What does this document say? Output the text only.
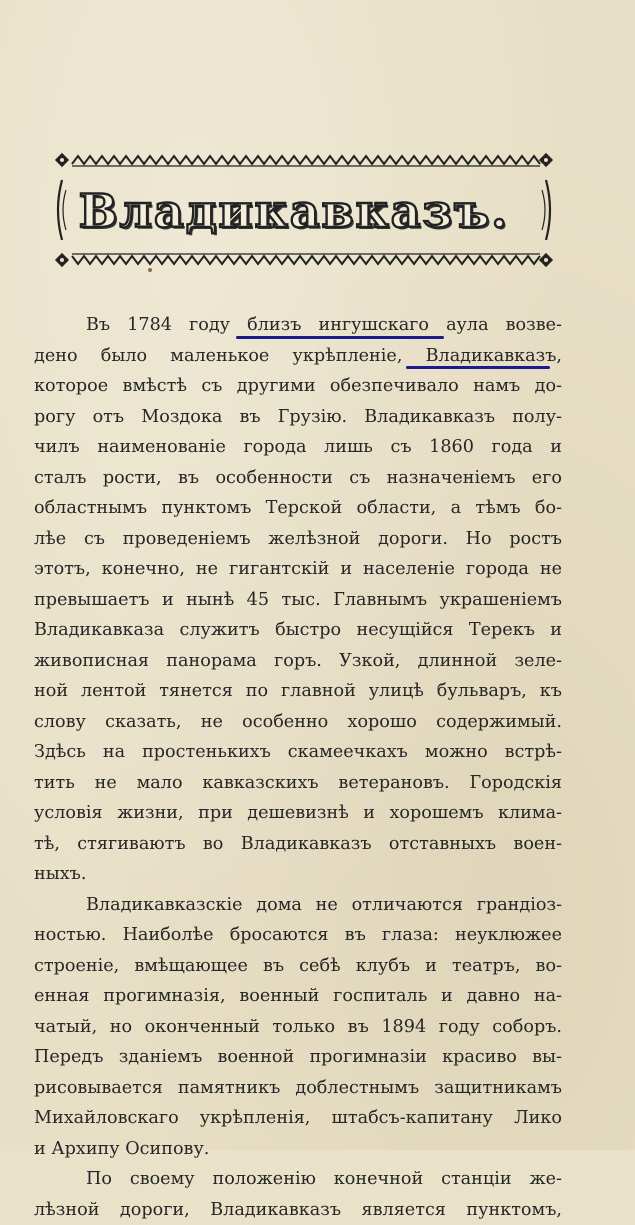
Владикавказъ.
Въ 1784 году близъ ингушскаго аула возве-
дено было маленькое укрѣпленіе, Владикавказъ,
которое вмѣстѣ съ другими обезпечивало намъ до-
рогу отъ Моздока въ Грузію. Владикавказъ полу-
чилъ наименованіе города лишь съ 1860 года и
сталъ рости, въ особенности съ назначеніемъ его
областнымъ пунктомъ Терской области, а тѣмъ бо-
лѣе съ проведеніемъ желѣзной дороги. Но ростъ
этотъ, конечно, не гигантскій и населеніе города не
превышаетъ и нынѣ 45 тыс. Главнымъ украшеніемъ
Владикавказа служитъ быстро несущійся Терекъ и
живописная панорама горъ. Узкой, длинной зеле-
ной лентой тянется по главной улицѣ бульваръ, къ
слову сказать, не особенно хорошо содержимый.
Здѣсь на простенькихъ скамеечкахъ можно встрѣ-
тить не мало кавказскихъ ветерановъ. Городскія
условія жизни, при дешевизнѣ и хорошемъ клима-
тѣ, стягиваютъ во Владикавказъ отставныхъ воен-
ныхъ.
Владикавказскіе дома не отличаются грандіоз-
ностью. Наиболѣе бросаются въ глаза: неуклюжее
строеніе, вмѣщающее въ себѣ клубъ и театръ, во-
енная прогимназія, военный госпиталь и давно на-
чатый, но оконченный только въ 1894 году соборъ.
Передъ зданіемъ военной прогимназіи красиво вы-
рисовывается памятникъ доблестнымъ защитникамъ
Михайловскаго укрѣпленія, штабсъ-капитану Лико
и Архипу Осипову.
По своему положенію конечной станціи же-
лѣзной дороги, Владикавказъ является пунктомъ,
